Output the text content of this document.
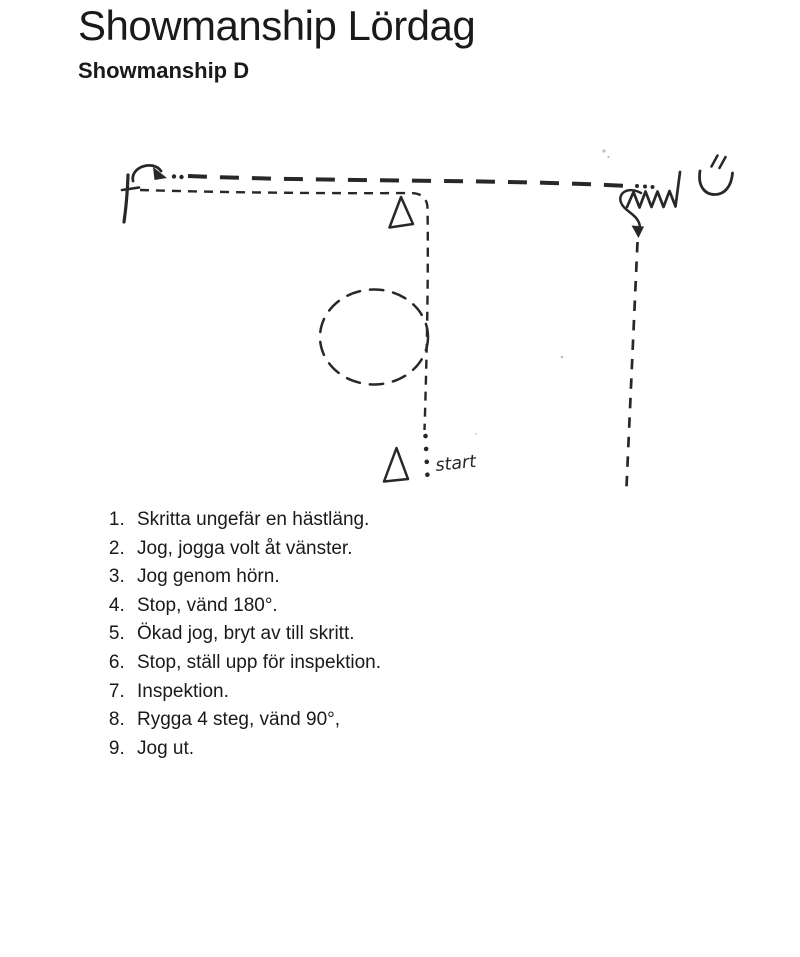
Showmanship Lördag
Showmanship D
start
1. Skritta ungefär en hästläng.
2. Jog, jogga volt åt vänster.
3. Jog genom hörn.
4. Stop, vänd 180°.
5. Ökad jog, bryt av till skritt.
6. Stop, ställ upp för inspektion.
7. Inspektion.
8. Rygga 4 steg, vänd 90°,
9. Jog ut.
